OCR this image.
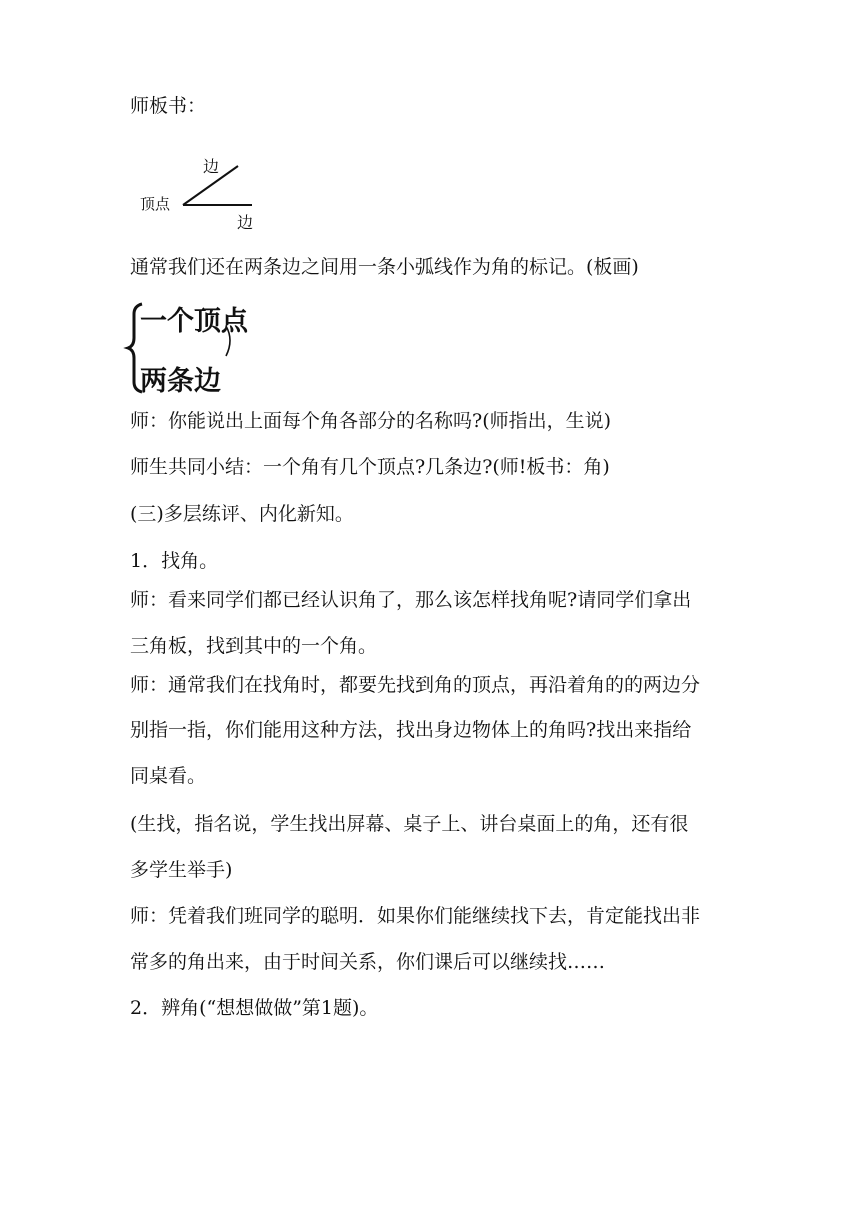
师板书：
顶点
边
边
通常我们还在两条边之间用一条小弧线作为角的标记。(板画)
一个顶点
两条边
师：你能说出上面每个角各部分的名称吗?(师指出，生说)
师生共同小结：一个角有几个顶点?几条边?(师!板书：角)
(三)多层练评、内化新知。
1．找角。
师：看来同学们都已经认识角了，那么该怎样找角呢?请同学们拿出
三角板，找到其中的一个角。
师：通常我们在找角时，都要先找到角的顶点，再沿着角的的两边分
别指一指，你们能用这种方法，找出身边物体上的角吗?找出来指给
同桌看。
(生找，指名说，学生找出屏幕、桌子上、讲台桌面上的角，还有很
多学生举手)
师：凭着我们班同学的聪明．如果你们能继续找下去，肯定能找出非
常多的角出来，由于时间关系，你们课后可以继续找……
2．辨角(“想想做做”第1题)。
